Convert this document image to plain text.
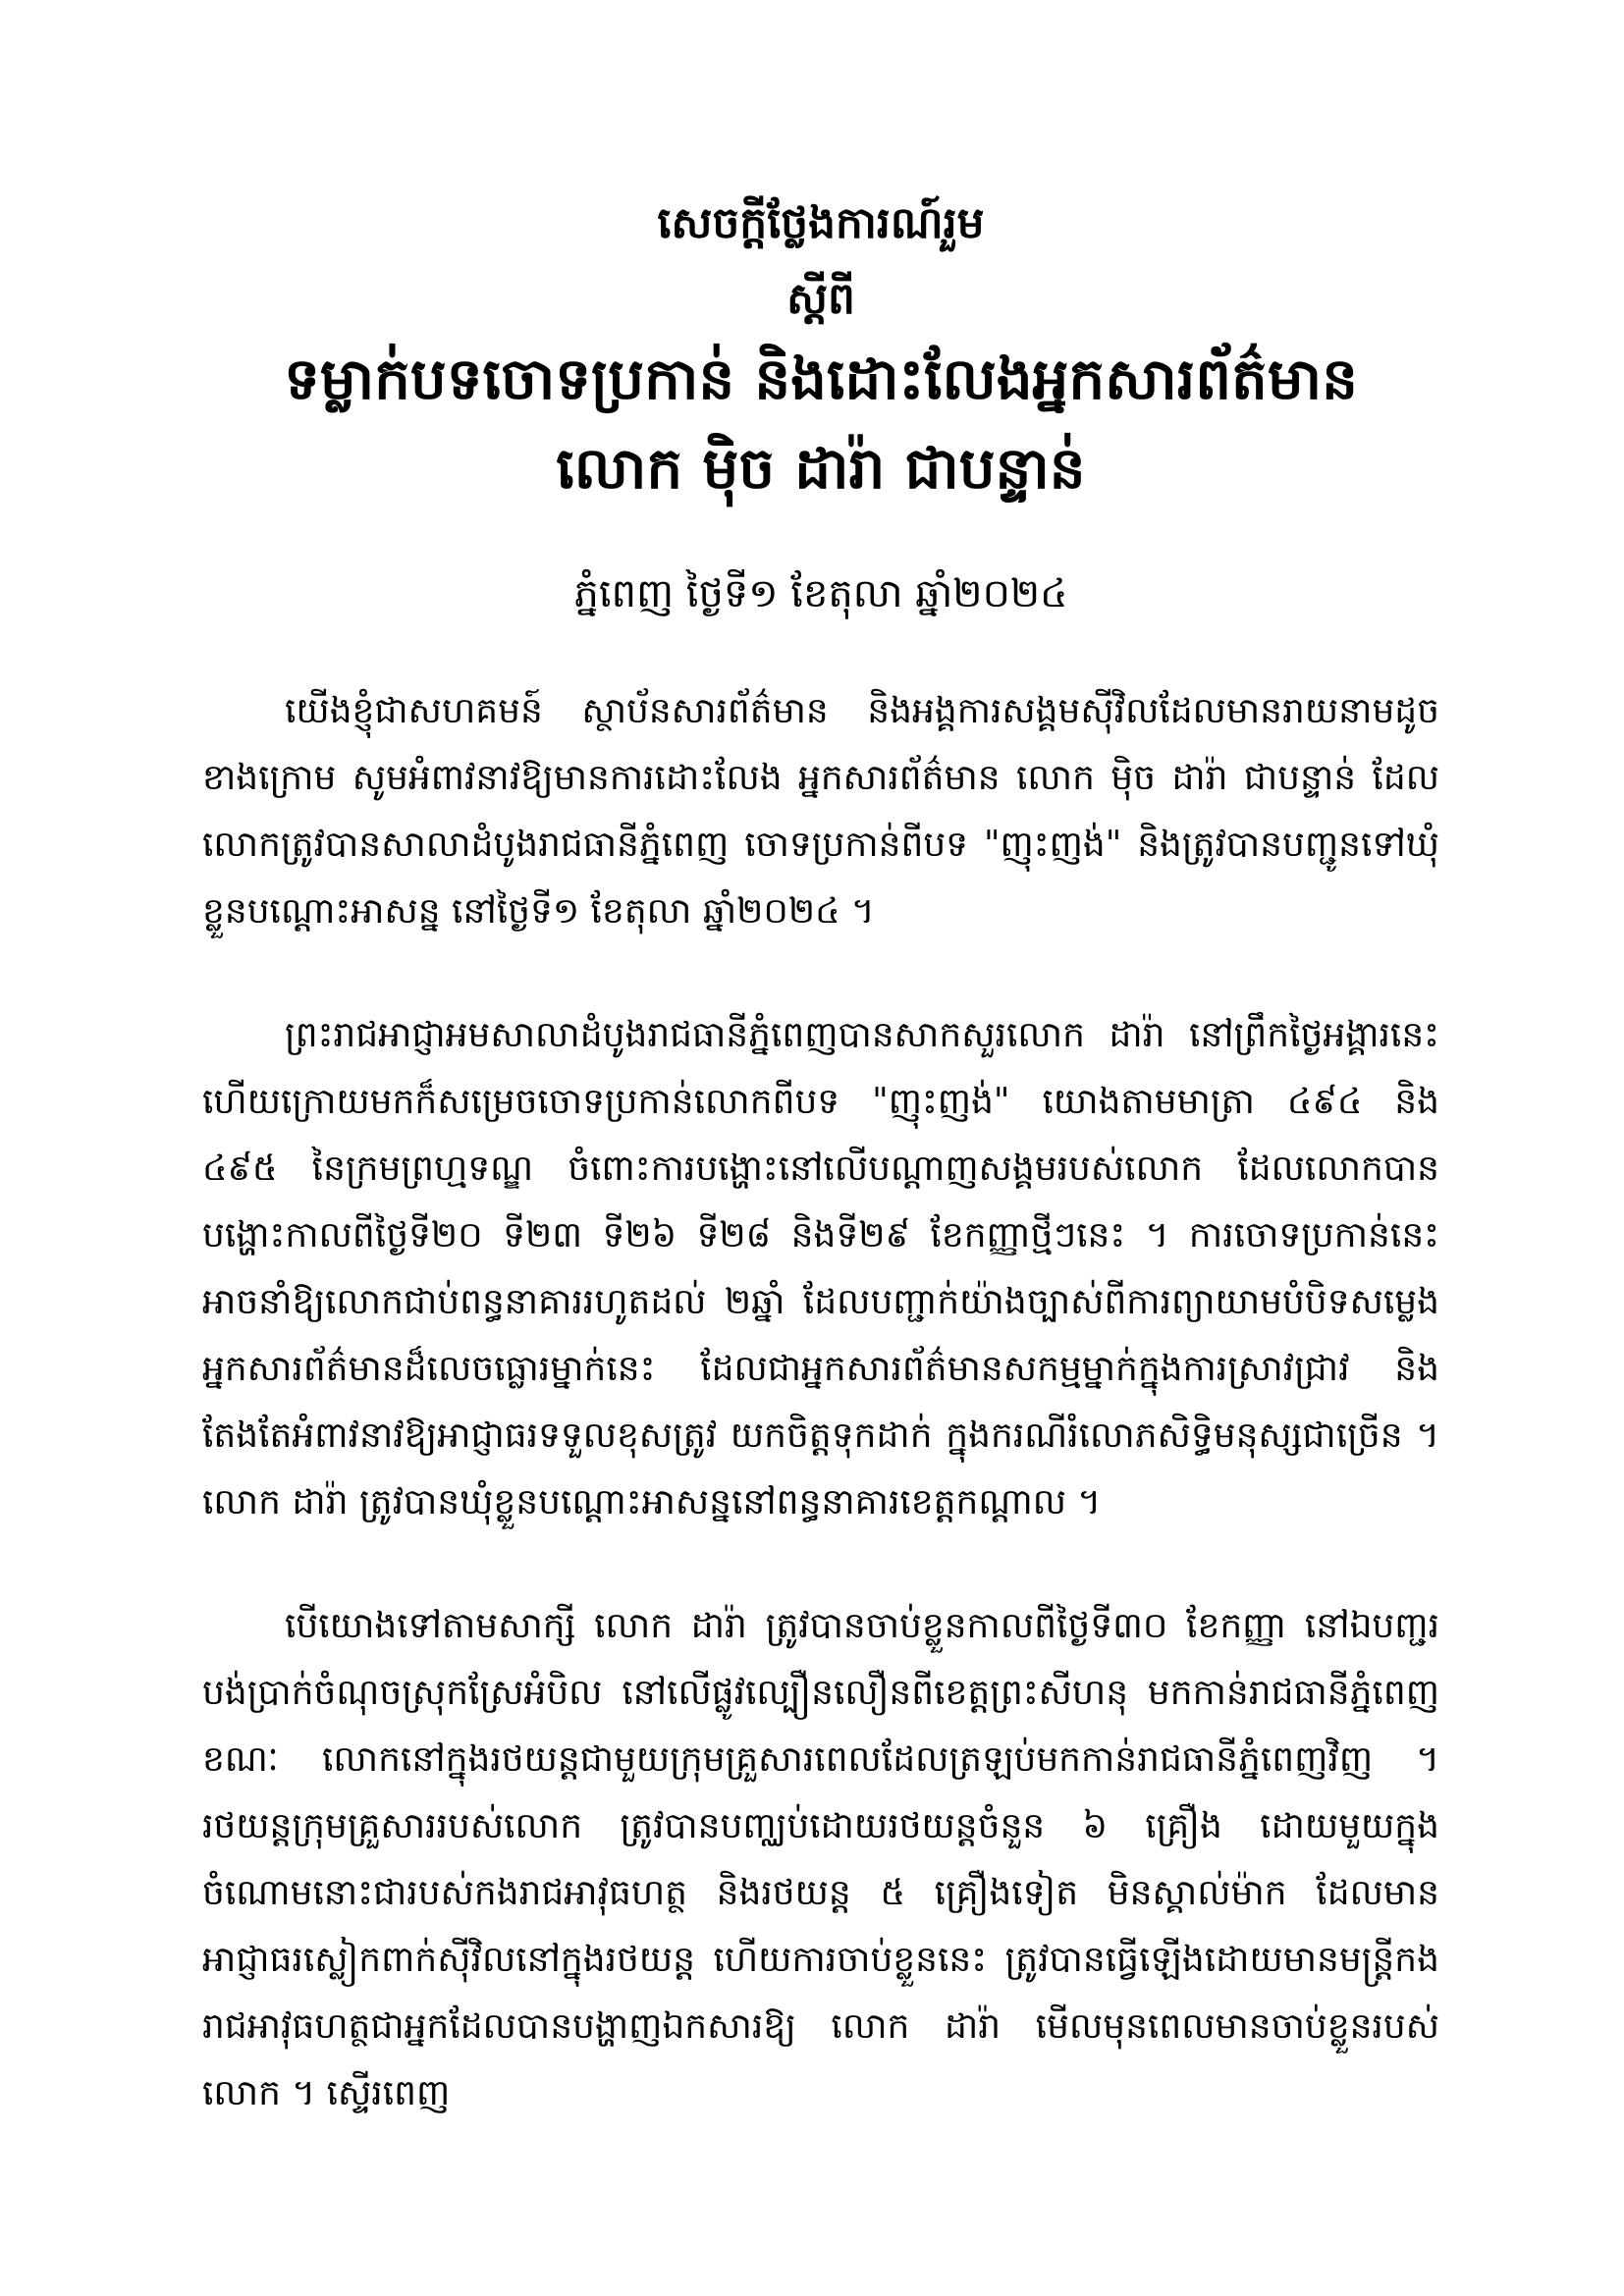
សេចក្តីថ្លែងការណ៍រួម

ស្តីពី

ទម្លាក់បទចោទប្រកាន់ និងដោះលែងអ្នកសារព័ត៌មាន

លោក ម៉ិច ដារ៉ា ជាបន្ទាន់

ភ្នំពេញ ថ្ងៃទី១ ខែតុលា ឆ្នាំ២០២៤

យើងខ្ញុំជាសហគមន៍ ស្ថាប័នសារព័ត៌មាន និងអង្គការសង្គមស៊ីវិលដែលមានរាយនាមដូចខាងក្រោម សូមអំពាវនាវឱ្យមានការដោះលែង អ្នកសារព័ត៌មាន លោក ម៉ិច ដារ៉ា ជាបន្ទាន់ ដែលលោកត្រូវបានសាលាដំបូងរាជធានីភ្នំពេញ ចោទប្រកាន់ពីបទ "ញុះញង់" និងត្រូវបានបញ្ជូនទៅឃុំខ្លួនបណ្តោះអាសន្ន នៅថ្ងៃទី១ ខែតុលា ឆ្នាំ២០២៤ ។

ព្រះរាជអាជ្ញាអមសាលាដំបូងរាជធានីភ្នំពេញបានសាកសួរលោក ដារ៉ា នៅព្រឹកថ្ងៃអង្គារនេះ ហើយក្រោយមកក៏សម្រេចចោទប្រកាន់លោកពីបទ "ញុះញង់" យោងតាមមាត្រា ៤៩៤ និង ៤៩៥ នៃក្រមព្រហ្មទណ្ឌ ចំពោះការបង្ហោះនៅលើបណ្តាញសង្គមរបស់លោក ដែលលោកបានបង្ហោះកាលពីថ្ងៃទី២០ ទី២៣ ទី២៦ ទី២៨ និងទី២៩ ខែកញ្ញាថ្មីៗនេះ ។ ការចោទប្រកាន់នេះ អាចនាំឱ្យលោកជាប់ពន្ធនាគាររហូតដល់ ២ឆ្នាំ ដែលបញ្ជាក់យ៉ាងច្បាស់ពីការព្យាយាមបំបិទសម្លេងអ្នកសារព័ត៌មានដ៏លេចធ្លោរម្នាក់នេះ ដែលជាអ្នកសារព័ត៌មានសកម្មម្នាក់ក្នុងការស្រាវជ្រាវ និងតែងតែអំពាវនាវឱ្យអាជ្ញាធរទទួលខុសត្រូវ យកចិត្តទុកដាក់ ក្នុងករណីរំលោភសិទ្ធិមនុស្សជាច្រើន ។ លោក ដារ៉ា ត្រូវបានឃុំខ្លួនបណ្តោះអាសន្ននៅពន្ធនាគារខេត្តកណ្តាល ។

បើយោងទៅតាមសាក្សី លោក ដារ៉ា ត្រូវបានចាប់ខ្លួនកាលពីថ្ងៃទី៣០ ខែកញ្ញា នៅឯបញ្ជរបង់ប្រាក់ចំណុចស្រុកស្រែអំបិល នៅលើផ្លូវល្បឿនលឿនពីខេត្តព្រះសីហនុ មកកាន់រាជធានីភ្នំពេញ ខណៈ លោកនៅក្នុងរថយន្តជាមួយក្រុមគ្រួសារពេលដែលត្រឡប់មកកាន់រាជធានីភ្នំពេញវិញ ។ រថយន្តក្រុមគ្រួសាររបស់លោក ត្រូវបានបញ្ឈប់ដោយរថយន្តចំនួន ៦ គ្រឿង ដោយមួយក្នុងចំណោមនោះជារបស់កងរាជអាវុធហត្ថ និងរថយន្ត ៥ គ្រឿងទៀត មិនស្គាល់ម៉ាក ដែលមានអាជ្ញាធរស្លៀកពាក់ស៊ីវិលនៅក្នុងរថយន្ត ហើយការចាប់ខ្លួននេះ ត្រូវបានធ្វើឡើងដោយមានមន្ត្រីកងរាជអាវុធហត្ថជាអ្នកដែលបានបង្ហាញឯកសារឱ្យ លោក ដារ៉ា មើលមុនពេលមានចាប់ខ្លួនរបស់លោក ។ ស្ទើរពេញ
